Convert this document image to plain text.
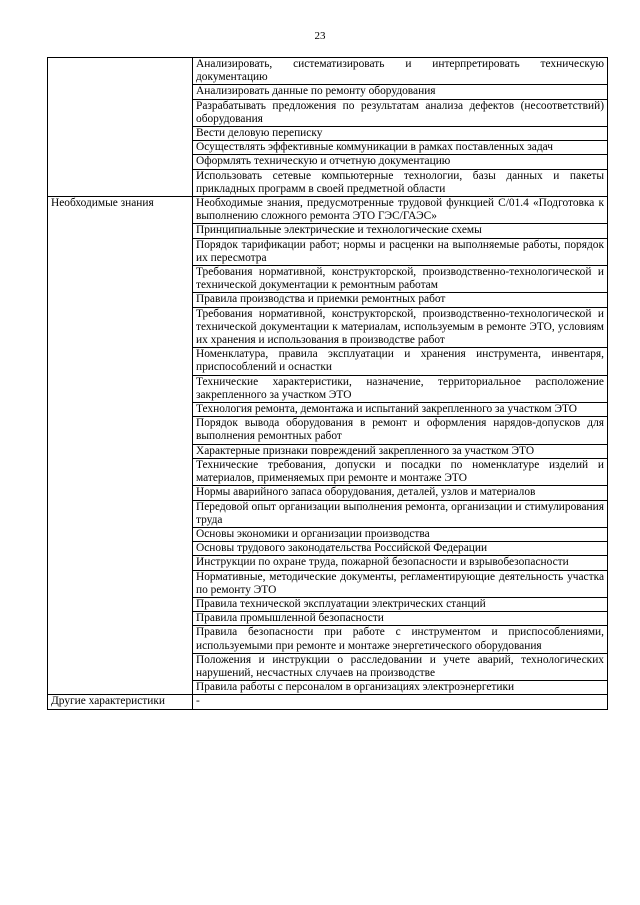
23
	Анализировать, систематизировать и интерпретировать техническую документацию
	Анализировать данные по ремонту оборудования
	Разрабатывать предложения по результатам анализа дефектов (несоответствий) оборудования
	Вести деловую переписку
	Осуществлять эффективные коммуникации в рамках поставленных задач
	Оформлять техническую и отчетную документацию
	Использовать сетевые компьютерные технологии, базы данных и пакеты прикладных программ в своей предметной области
Необходимые знания	Необходимые знания, предусмотренные трудовой функцией С/01.4 «Подготовка к выполнению сложного ремонта ЭТО ГЭС/ГАЭС»
	Принципиальные электрические и технологические схемы
	Порядок тарификации работ; нормы и расценки на выполняемые работы, порядок их пересмотра
	Требования нормативной, конструкторской, производственно-технологической и технической документации к ремонтным работам
	Правила производства и приемки ремонтных работ
	Требования нормативной, конструкторской, производственно-технологической и технической документации к материалам, используемым в ремонте ЭТО, условиям их хранения и использования в производстве работ
	Номенклатура, правила эксплуатации и хранения инструмента, инвентаря, приспособлений и оснастки
	Технические характеристики, назначение, территориальное расположение закрепленного за участком ЭТО
	Технология ремонта, демонтажа и испытаний закрепленного за участком ЭТО
	Порядок вывода оборудования в ремонт и оформления нарядов-допусков для выполнения ремонтных работ
	Характерные признаки повреждений закрепленного за участком ЭТО
	Технические требования, допуски и посадки по номенклатуре изделий и материалов, применяемых при ремонте и монтаже ЭТО
	Нормы аварийного запаса оборудования, деталей, узлов и материалов
	Передовой опыт организации выполнения ремонта, организации и стимулирования труда
	Основы экономики и организации производства
	Основы трудового законодательства Российской Федерации
	Инструкции по охране труда, пожарной безопасности и взрывобезопасности
	Нормативные, методические документы, регламентирующие деятельность участка по ремонту ЭТО
	Правила технической эксплуатации электрических станций
	Правила промышленной безопасности
	Правила безопасности при работе с инструментом и приспособлениями, используемыми при ремонте и монтаже энергетического оборудования
	Положения и инструкции о расследовании и учете аварий, технологических нарушений, несчастных случаев на производстве
	Правила работы с персоналом в организациях электроэнергетики
Другие характеристики	-
